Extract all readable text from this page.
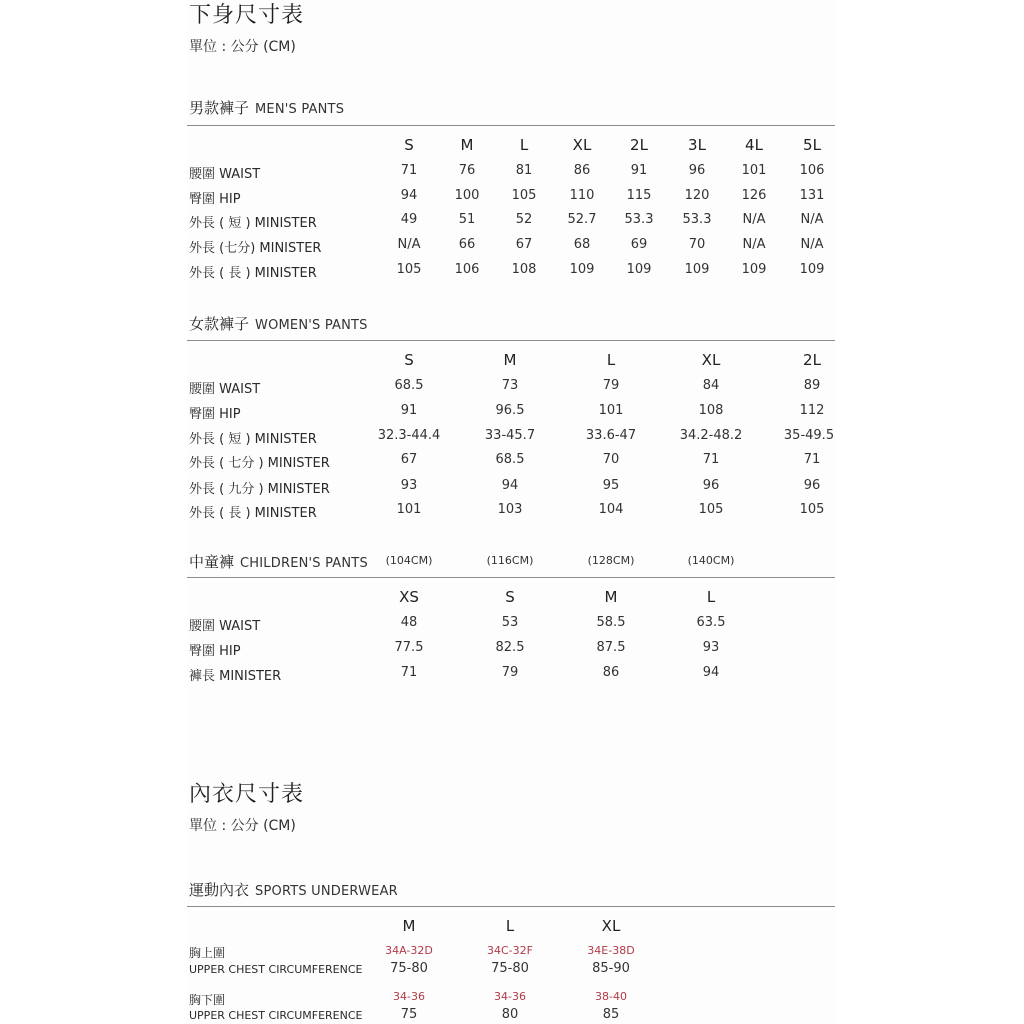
下身尺寸表
單位 : 公分 (CM)
男款褲子 MEN'S PANTS
S	M	L	XL	2L	3L	4L	5L
腰圍 WAIST	71	76	81	86	91	96	101	106
臀圍 HIP	94	100	105	110	115	120	126	131
外長 ( 短 ) MINISTER	49	51	52	52.7	53.3	53.3	N/A	N/A
外長 (七分) MINISTER	N/A	66	67	68	69	70	N/A	N/A
外長 ( 長 ) MINISTER	105	106	108	109	109	109	109	109
女款褲子 WOMEN'S PANTS
S	M	L	XL	2L
腰圍 WAIST	68.5	73	79	84	89
臀圍 HIP	91	96.5	101	108	112
外長 ( 短 ) MINISTER	32.3-44.4	33-45.7	33.6-47	34.2-48.2	35-49.5
外長 ( 七分 ) MINISTER	67	68.5	70	71	71
外長 ( 九分 ) MINISTER	93	94	95	96	96
外長 ( 長 ) MINISTER	101	103	104	105	105
中童褲 CHILDREN'S PANTS	(104CM)	(116CM)	(128CM)	(140CM)
XS	S	M	L
腰圍 WAIST	48	53	58.5	63.5
臀圍 HIP	77.5	82.5	87.5	93
褲長 MINISTER	71	79	86	94
內衣尺寸表
單位 : 公分 (CM)
運動內衣 SPORTS UNDERWEAR
M	L	XL
胸上圍
UPPER CHEST CIRCUMFERENCE
34A-32D	34C-32F	34E-38D
75-80	75-80	85-90
胸下圍
UPPER CHEST CIRCUMFERENCE
34-36	34-36	38-40
75	80	85
